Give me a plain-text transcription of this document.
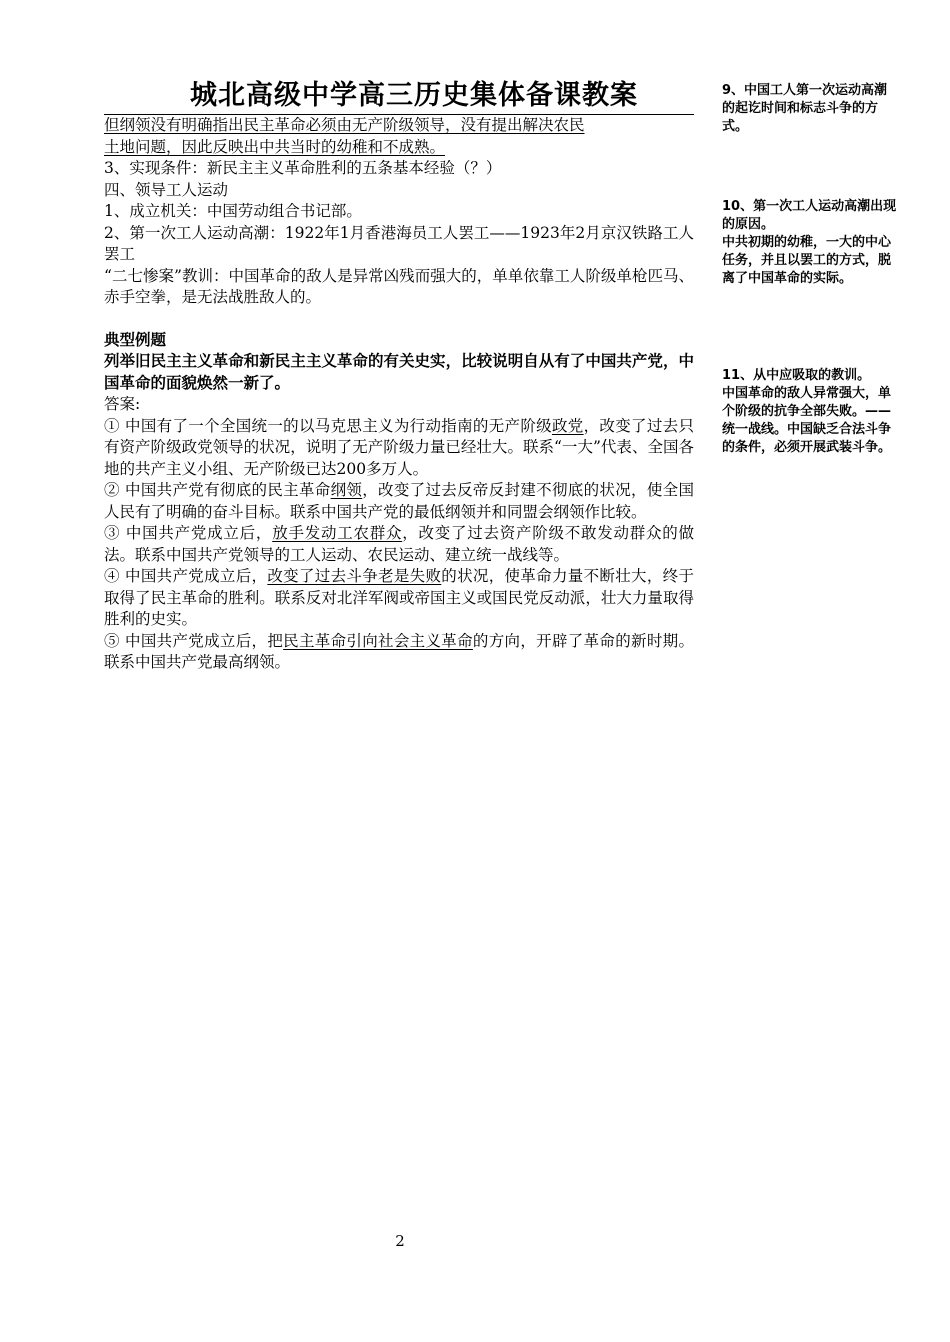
城北高级中学高三历史集体备课教案

但纲领没有明确指出民主革命必须由无产阶级领导，没有提出解决农民

土地问题，因此反映出中共当时的幼稚和不成熟。

3、实现条件：新民主主义革命胜利的五条基本经验（？）

四、领导工人运动

1、成立机关：中国劳动组合书记部。

2、第一次工人运动高潮：1922年1月香港海员工人罢工——1923年2月京汉铁路工人罢工

“二七惨案”教训：中国革命的敌人是异常凶残而强大的，单单依靠工人阶级单枪匹马、赤手空拳，是无法战胜敌人的。

典型例题

列举旧民主主义革命和新民主主义革命的有关史实，比较说明自从有了中国共产党，中国革命的面貌焕然一新了。

答案:

① 中国有了一个全国统一的以马克思主义为行动指南的无产阶级政党，改变了过去只有资产阶级政党领导的状况，说明了无产阶级力量已经壮大。联系“一大”代表、全国各地的共产主义小组、无产阶级已达200多万人。

② 中国共产党有彻底的民主革命纲领，改变了过去反帝反封建不彻底的状况，使全国人民有了明确的奋斗目标。联系中国共产党的最低纲领并和同盟会纲领作比较。

③ 中国共产党成立后，放手发动工农群众，改变了过去资产阶级不敢发动群众的做法。联系中国共产党领导的工人运动、农民运动、建立统一战线等。

④ 中国共产党成立后，改变了过去斗争老是失败的状况，使革命力量不断壮大，终于取得了民主革命的胜利。联系反对北洋军阀或帝国主义或国民党反动派，壮大力量取得胜利的史实。

⑤ 中国共产党成立后，把民主革命引向社会主义革命的方向，开辟了革命的新时期。联系中国共产党最高纲领。

9、中国工人第一次运动高潮的起讫时间和标志斗争的方式。

10、第一次工人运动高潮出现的原因。

中共初期的幼稚，一大的中心任务，并且以罢工的方式，脱离了中国革命的实际。

11、从中应吸取的教训。

中国革命的敌人异常强大，单个阶级的抗争全部失败。——统一战线。中国缺乏合法斗争的条件，必须开展武装斗争。

2
